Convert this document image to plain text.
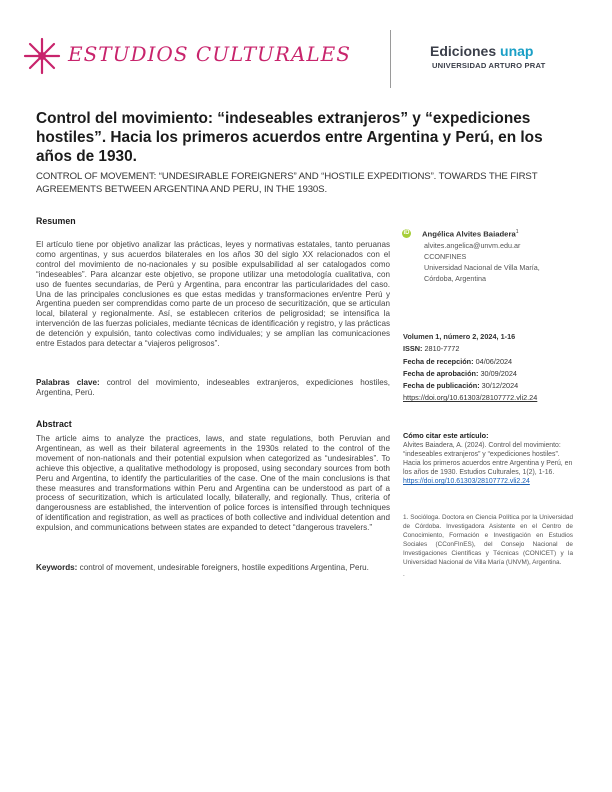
ESTUDIOS CULTURALES	Ediciones unap
UNIVERSIDAD ARTURO PRAT
Control del movimiento: “indeseables extranjeros” y “expediciones hostiles”. Hacia los primeros acuerdos entre Argentina y Perú, en los años de 1930.
CONTROL OF MOVEMENT: “UNDESIRABLE FOREIGNERS” AND “HOSTILE EXPEDITIONS”. TOWARDS THE FIRST AGREEMENTS BETWEEN ARGENTINA AND PERU, IN THE 1930S.
Resumen
El artículo tiene por objetivo analizar las prácticas, leyes y normativas estatales, tanto peruanas como argentinas, y sus acuerdos bilaterales en los años 30 del siglo XX relacionados con el control del movimiento de no-nacionales y su posible expulsabilidad al ser catalogados como “indeseables”. Para alcanzar este objetivo, se propone utilizar una metodología cualitativa, con uso de fuentes secundarias, de Perú y Argentina, para encontrar las particularidades del caso. Una de las principales conclusiones es que estas medidas y transformaciones en/entre Perú y Argentina pueden ser comprendidas como parte de un proceso de securitización, que se articulan local, bilateral y regionalmente. Así, se establecen criterios de peligrosidad; se intensifica la intervención de las fuerzas policiales, mediante técnicas de identificación y registro, y las prácticas de detención y expulsión, tanto colectivas como individuales; y se amplían las comunicaciones entre Estados para detectar a “viajeros peligrosos”.
Palabras clave: control del movimiento, indeseables extranjeros, expediciones hostiles, Argentina, Perú.
Abstract
The article aims to analyze the practices, laws, and state regulations, both Peruvian and Argentinean, as well as their bilateral agreements in the 1930s related to the control of the movement of non-nationals and their potential expulsion when categorized as “undesirables”. To achieve this objective, a qualitative methodology is proposed, using secondary sources from both Peru and Argentina, to identify the particularities of the case. One of the main conclusions is that these measures and transformations within Peru and Argentina can be understood as part of a process of securitization, which is articulated locally, bilaterally, and regionally. Thus, criteria of dangerousness are established, the intervention of police forces is intensified through techniques of identification and registration, as well as practices of both collective and individual detention and expulsion, and communications between states are expanded to detect “dangerous travelers.”
Keywords: control of movement, undesirable foreigners, hostile expeditions Argentina, Peru.
iD Angélica Alvites Baiadera$^1$
alvites.angelica@unvm.edu.ar
CCONFINES
Universidad Nacional de Villa María,
Córdoba, Argentina
Volumen 1, número 2, 2024, 1-16
ISSN: 2810-7772
Fecha de recepción: 04/06/2024
Fecha de aprobación: 30/09/2024
Fecha de publicación: 30/12/2024
https://doi.org/10.61303/28107772.vli2.24
Cómo citar este artículo:
Alvites Baiadera, A. (2024). Control del movimiento: “indeseables extranjeros” y “expediciones hostiles”. Hacia los primeros acuerdos entre Argentina y Perú, en los años de 1930. Estudios Culturales, 1(2), 1-16.
https://doi.org/10.61303/28107772.vli2.24
1. Socióloga. Doctora en Ciencia Política por la Universidad de Córdoba. Investigadora Asistente en el Centro de Conocimiento, Formación e Investigación en Estudios Sociales (CConFInES), del Consejo Nacional de Investigaciones Científicas y Técnicas (CONICET) y la Universidad Nacional de Villa María (UNVM), Argentina.
.
